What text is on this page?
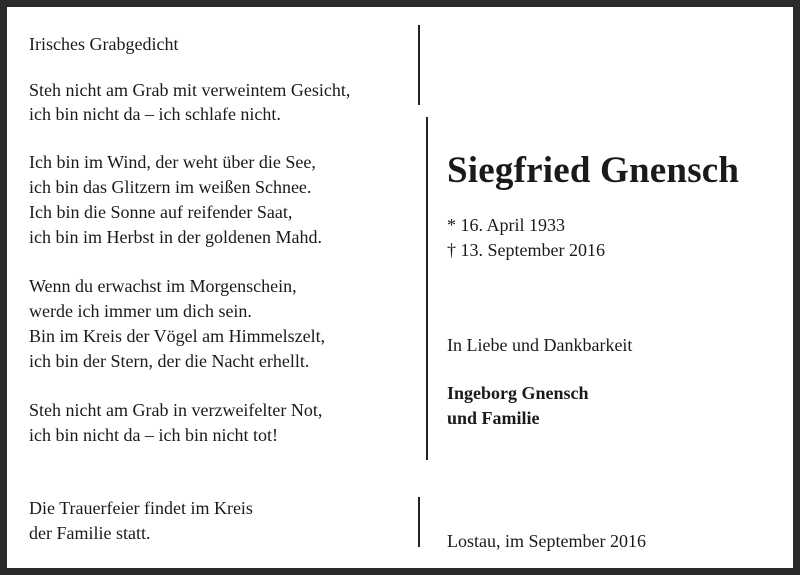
Irisches Grabgedicht
Steh nicht am Grab mit verweintem Gesicht,
ich bin nicht da – ich schlafe nicht.
Ich bin im Wind, der weht über die See,
ich bin das Glitzern im weißen Schnee.
Ich bin die Sonne auf reifender Saat,
ich bin im Herbst in der goldenen Mahd.
Wenn du erwachst im Morgenschein,
werde ich immer um dich sein.
Bin im Kreis der Vögel am Himmelszelt,
ich bin der Stern, der die Nacht erhellt.
Steh nicht am Grab in verzweifelter Not,
ich bin nicht da – ich bin nicht tot!
Die Trauerfeier findet im Kreis
der Familie statt.
Siegfried Gnensch
* 16. April 1933
† 13. September 2016
In Liebe und Dankbarkeit
Ingeborg Gnensch
und Familie
Lostau, im September 2016
